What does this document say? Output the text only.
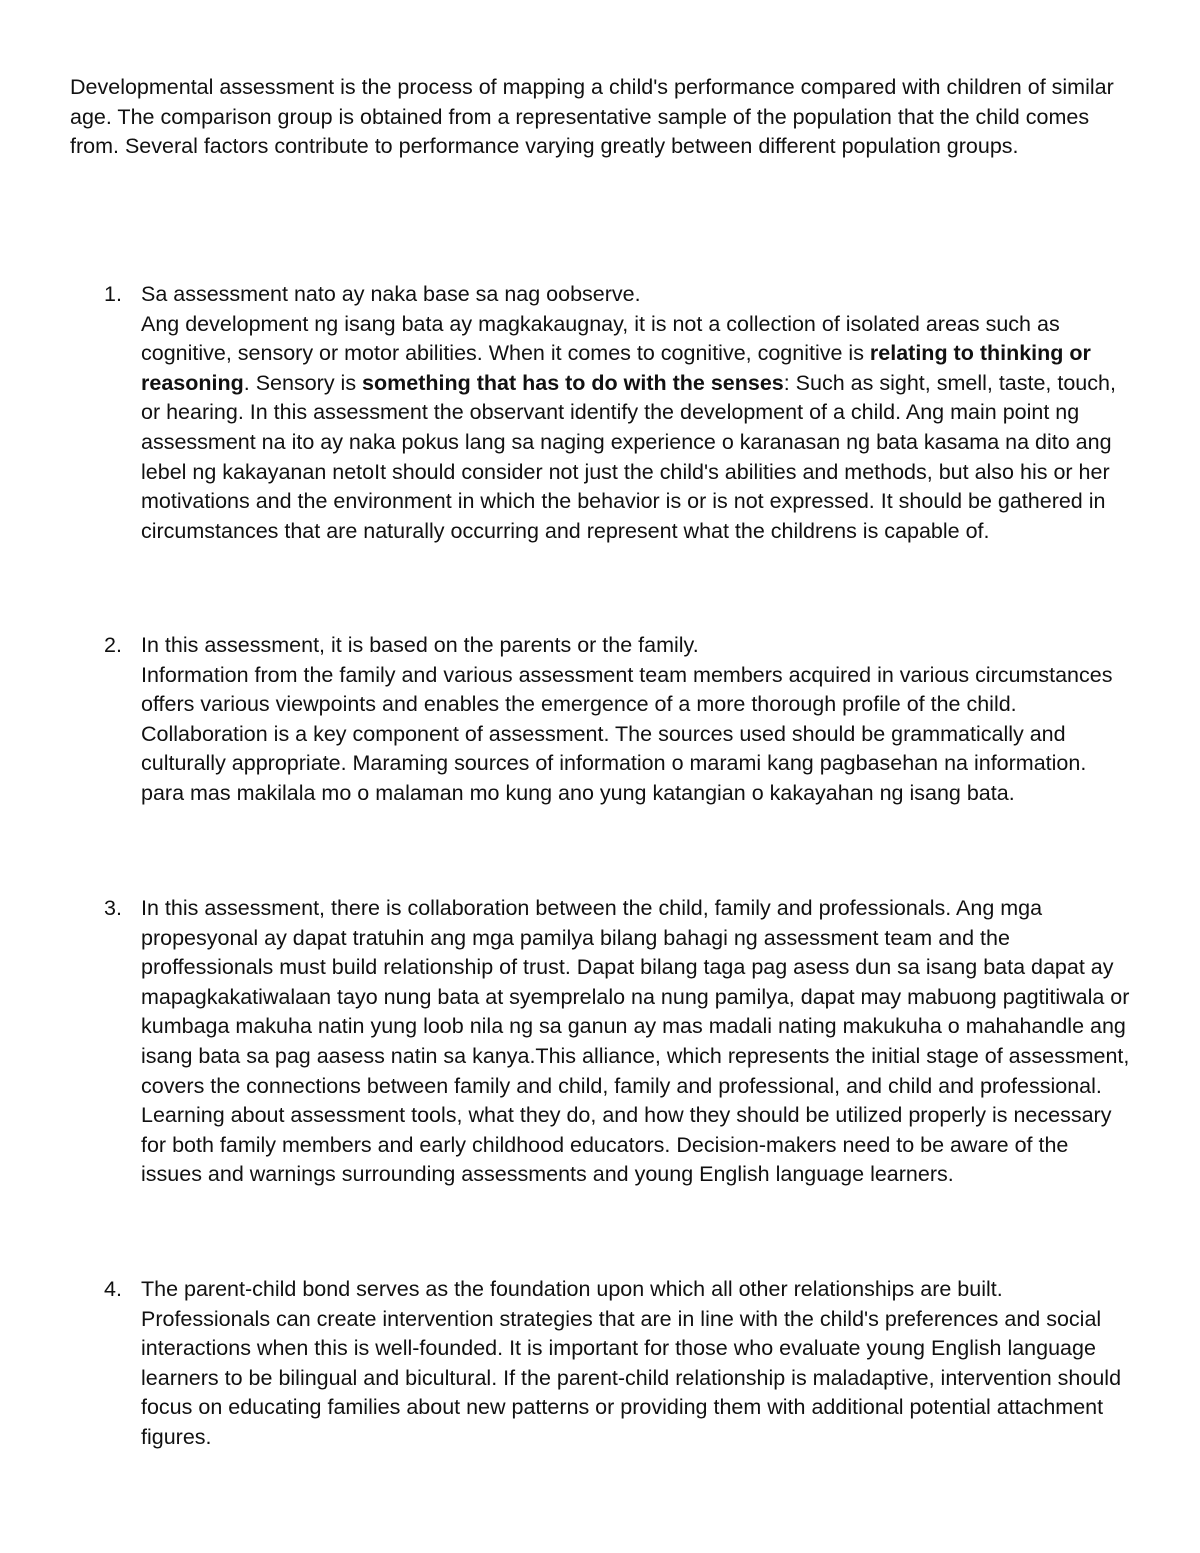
Developmental assessment is the process of mapping a child's performance compared with children of similar age. The comparison group is obtained from a representative sample of the population that the child comes from. Several factors contribute to performance varying greatly between different population groups.

1. Sa assessment nato ay naka base sa nag oobserve.

Ang development ng isang bata ay magkakaugnay, it is not a collection of isolated areas such as cognitive, sensory or motor abilities. When it comes to cognitive, cognitive is relating to thinking or reasoning. Sensory is something that has to do with the senses: Such as sight, smell, taste, touch, or hearing. In this assessment the observant identify the development of a child. Ang main point ng assessment na ito ay naka pokus lang sa naging experience o karanasan ng bata kasama na dito ang lebel ng kakayanan netoIt should consider not just the child's abilities and methods, but also his or her motivations and the environment in which the behavior is or is not expressed. It should be gathered in circumstances that are naturally occurring and represent what the childrens is capable of.

2. In this assessment, it is based on the parents or the family.

Information from the family and various assessment team members acquired in various circumstances offers various viewpoints and enables the emergence of a more thorough profile of the child. Collaboration is a key component of assessment. The sources used should be grammatically and culturally appropriate. Maraming sources of information o marami kang pagbasehan na information. para mas makilala mo o malaman mo kung ano yung katangian o kakayahan ng isang bata.

3. In this assessment, there is collaboration between the child, family and professionals. Ang mga propesyonal ay dapat tratuhin ang mga pamilya bilang bahagi ng assessment team and the proffessionals must build relationship of trust. Dapat bilang taga pag asess dun sa isang bata dapat ay mapagkakatiwalaan tayo nung bata at syemprelalo na nung pamilya, dapat may mabuong pagtitiwala or kumbaga makuha natin yung loob nila ng sa ganun ay mas madali nating makukuha o mahahandle ang isang bata sa pag aasess natin sa kanya.This alliance, which represents the initial stage of assessment, covers the connections between family and child, family and professional, and child and professional. Learning about assessment tools, what they do, and how they should be utilized properly is necessary for both family members and early childhood educators. Decision-makers need to be aware of the issues and warnings surrounding assessments and young English language learners.

4. The parent-child bond serves as the foundation upon which all other relationships are built. Professionals can create intervention strategies that are in line with the child's preferences and social interactions when this is well-founded. It is important for those who evaluate young English language learners to be bilingual and bicultural. If the parent-child relationship is maladaptive, intervention should focus on educating families about new patterns or providing them with additional potential attachment figures.
